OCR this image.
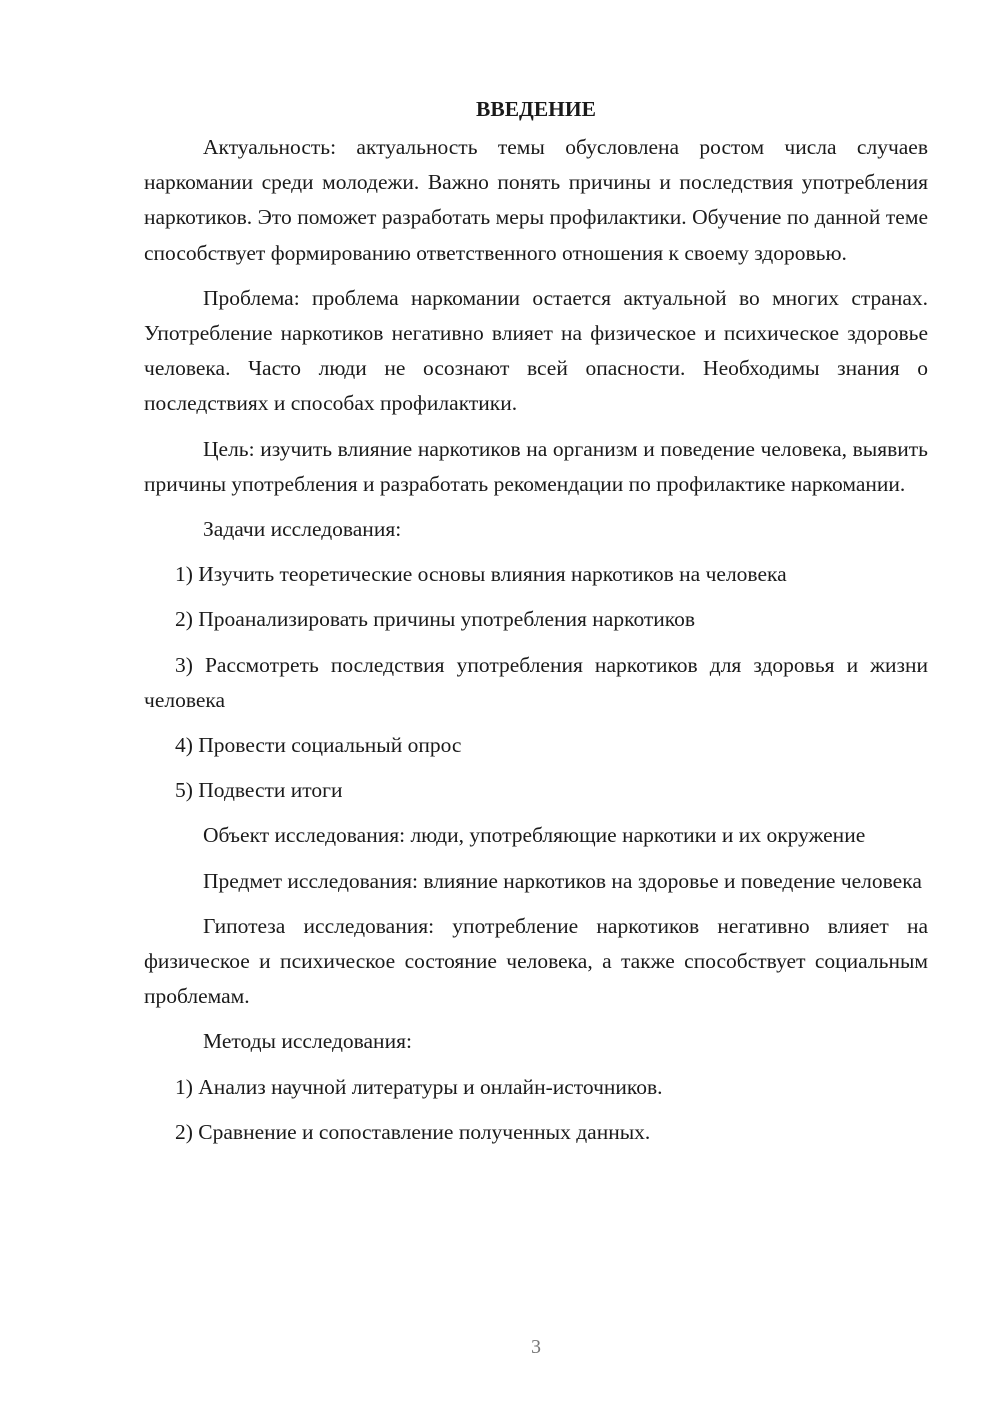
ВВЕДЕНИЕ

Актуальность: актуальность темы обусловлена ростом числа случаев наркомании среди молодежи. Важно понять причины и последствия употребления наркотиков. Это поможет разработать меры профилактики. Обучение по данной теме способствует формированию ответственного отношения к своему здоровью.

Проблема: проблема наркомании остается актуальной во многих странах. Употребление наркотиков негативно влияет на физическое и психическое здоровье человека. Часто люди не осознают всей опасности. Необходимы знания о последствиях и способах профилактики.

Цель: изучить влияние наркотиков на организм и поведение человека, выявить причины употребления и разработать рекомендации по профилактике наркомании.

Задачи исследования:

1) Изучить теоретические основы влияния наркотиков на человека

2) Проанализировать причины употребления наркотиков

3) Рассмотреть последствия употребления наркотиков для здоровья и жизни человека

4) Провести социальный опрос

5) Подвести итоги

Объект исследования: люди, употребляющие наркотики и их окружение

Предмет исследования: влияние наркотиков на здоровье и поведение человека

Гипотеза исследования: употребление наркотиков негативно влияет на физическое и психическое состояние человека, а также способствует социальным проблемам.

Методы исследования:

1) Анализ научной литературы и онлайн-источников.

2) Сравнение и сопоставление полученных данных.

3
